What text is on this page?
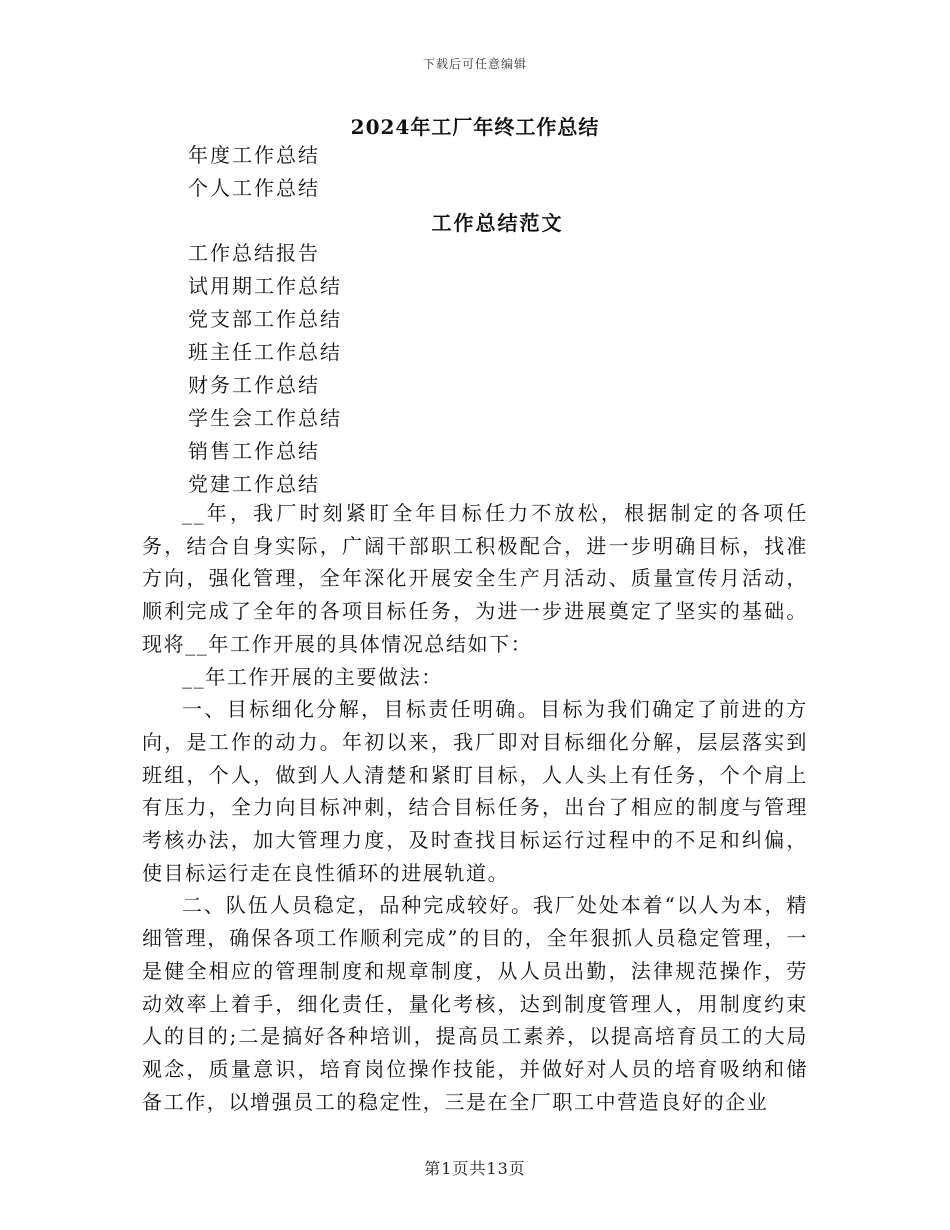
下载后可任意编辑
2024年工厂年终工作总结
年度工作总结
个人工作总结
工作总结范文
工作总结报告
试用期工作总结
党支部工作总结
班主任工作总结
财务工作总结
学生会工作总结
销售工作总结
党建工作总结

__年，我厂时刻紧盯全年目标任力不放松，根据制定的各项任务，结合自身实际，广阔干部职工积极配合，进一步明确目标，找准方向，强化管理，全年深化开展安全生产月活动、质量宣传月活动，顺利完成了全年的各项目标任务，为进一步进展奠定了坚实的基础。现将__年工作开展的具体情况总结如下：

__年工作开展的主要做法：

一、目标细化分解，目标责任明确。目标为我们确定了前进的方向，是工作的动力。年初以来，我厂即对目标细化分解，层层落实到班组，个人，做到人人清楚和紧盯目标，人人头上有任务，个个肩上有压力，全力向目标冲刺，结合目标任务，出台了相应的制度与管理考核办法，加大管理力度，及时查找目标运行过程中的不足和纠偏，使目标运行走在良性循环的进展轨道。

二、队伍人员稳定，品种完成较好。我厂处处本着“以人为本，精细管理，确保各项工作顺利完成”的目的，全年狠抓人员稳定管理，一是健全相应的管理制度和规章制度，从人员出勤，法律规范操作，劳动效率上着手，细化责任，量化考核，达到制度管理人，用制度约束人的目的;二是搞好各种培训，提高员工素养，以提高培育员工的大局观念，质量意识，培育岗位操作技能，并做好对人员的培育吸纳和储备工作，以增强员工的稳定性，三是在全厂职工中营造良好的企业

第1页共13页
